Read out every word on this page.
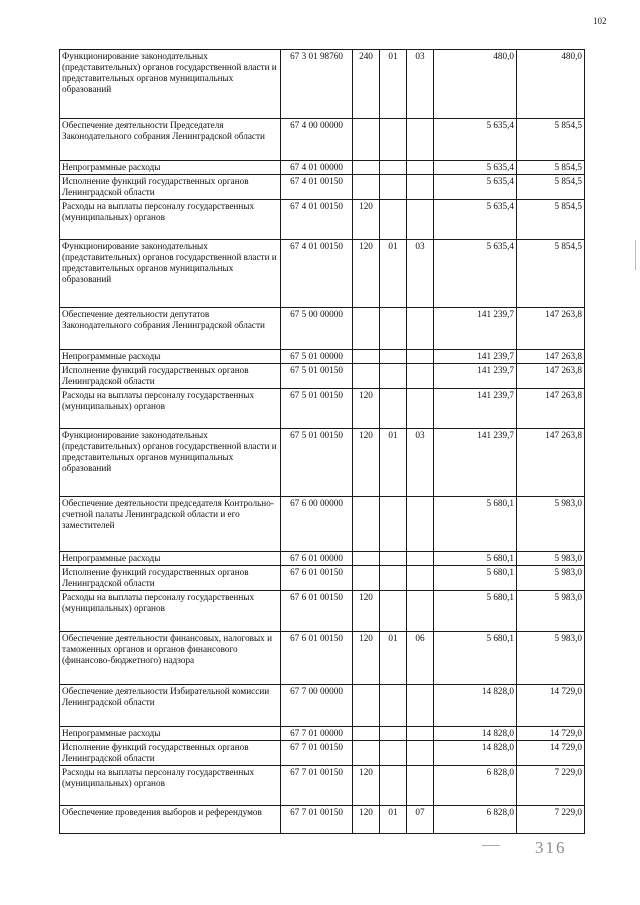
102
Функционирование законодательных (представительных) органов государственной власти и представительных органов муниципальных образований	67 3 01 98760	240	01	03	480,0	480,0
Обеспечение деятельности Председателя Законодательного собрания Ленинградской области	67 4 00 00000				5 635,4	5 854,5
Непрограммные расходы	67 4 01 00000				5 635,4	5 854,5
Исполнение функций государственных органов Ленинградской области	67 4 01 00150				5 635,4	5 854,5
Расходы на выплаты персоналу государственных (муниципальных) органов	67 4 01 00150	120			5 635,4	5 854,5
Функционирование законодательных (представительных) органов государственной власти и представительных органов муниципальных образований	67 4 01 00150	120	01	03	5 635,4	5 854,5
Обеспечение деятельности депутатов Законодательного собрания Ленинградской области	67 5 00 00000				141 239,7	147 263,8
Непрограммные расходы	67 5 01 00000				141 239,7	147 263,8
Исполнение функций государственных органов Ленинградской области	67 5 01 00150				141 239,7	147 263,8
Расходы на выплаты персоналу государственных (муниципальных) органов	67 5 01 00150	120			141 239,7	147 263,8
Функционирование законодательных (представительных) органов государственной власти и представительных органов муниципальных образований	67 5 01 00150	120	01	03	141 239,7	147 263,8
Обеспечение деятельности председателя Контрольно-счетной палаты Ленинградской области и его заместителей	67 6 00 00000				5 680,1	5 983,0
Непрограммные расходы	67 6 01 00000				5 680,1	5 983,0
Исполнение функций государственных органов Ленинградской области	67 6 01 00150				5 680,1	5 983,0
Расходы на выплаты персоналу государственных (муниципальных) органов	67 6 01 00150	120			5 680,1	5 983,0
Обеспечение деятельности финансовых, налоговых и таможенных органов и органов финансового (финансово-бюджетного) надзора	67 6 01 00150	120	01	06	5 680,1	5 983,0
Обеспечение деятельности Избирательной комиссии Ленинградской области	67 7 00 00000				14 828,0	14 729,0
Непрограммные расходы	67 7 01 00000				14 828,0	14 729,0
Исполнение функций государственных органов Ленинградской области	67 7 01 00150				14 828,0	14 729,0
Расходы на выплаты персоналу государственных (муниципальных) органов	67 7 01 00150	120			6 828,0	7 229,0
Обеспечение проведения выборов и референдумов	67 7 01 00150	120	01	07	6 828,0	7 229,0
316
